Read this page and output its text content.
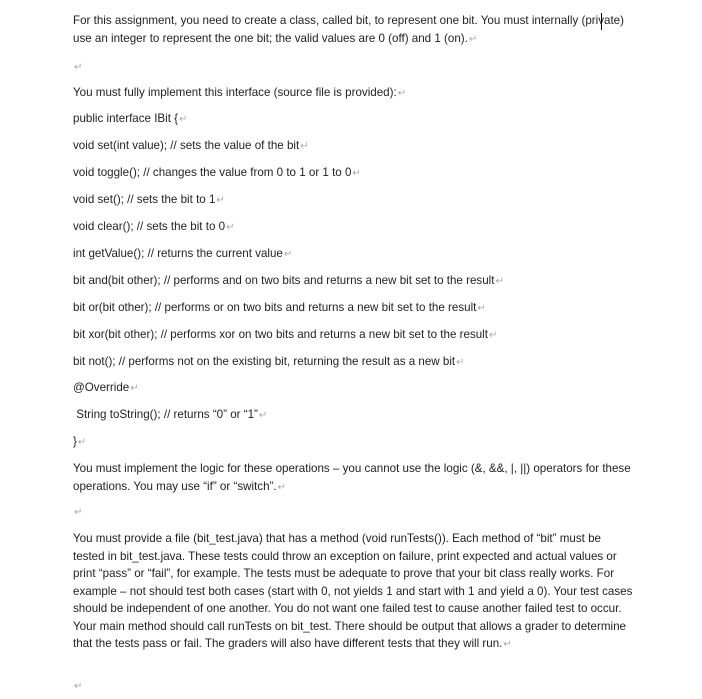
For this assignment, you need to create a class, called bit, to represent one bit. You must internally (private) use an integer to represent the one bit; the valid values are 0 (off) and 1 (on).↵

↵

You must fully implement this interface (source file is provided):↵

public interface IBit {↵

void set(int value); // sets the value of the bit↵

void toggle(); // changes the value from 0 to 1 or 1 to 0↵

void set(); // sets the bit to 1↵

void clear(); // sets the bit to 0↵

int getValue(); // returns the current value↵

bit and(bit other); // performs and on two bits and returns a new bit set to the result↵

bit or(bit other); // performs or on two bits and returns a new bit set to the result↵

bit xor(bit other); // performs xor on two bits and returns a new bit set to the result↵

bit not(); // performs not on the existing bit, returning the result as a new bit↵

@Override↵

String toString(); // returns “0” or “1”↵

}↵

You must implement the logic for these operations – you cannot use the logic (&, &&, |, ||) operators for these operations. You may use “if” or “switch”.↵

↵

You must provide a file (bit_test.java) that has a method (void runTests()). Each method of “bit” must be tested in bit_test.java. These tests could throw an exception on failure, print expected and actual values or print “pass” or “fail”, for example. The tests must be adequate to prove that your bit class really works. For example – not should test both cases (start with 0, not yields 1 and start with 1 and yield a 0). Your test cases should be independent of one another. You do not want one failed test to cause another failed test to occur. Your main method should call runTests on bit_test. There should be output that allows a grader to determine that the tests pass or fail. The graders will also have different tests that they will run.↵

↵
